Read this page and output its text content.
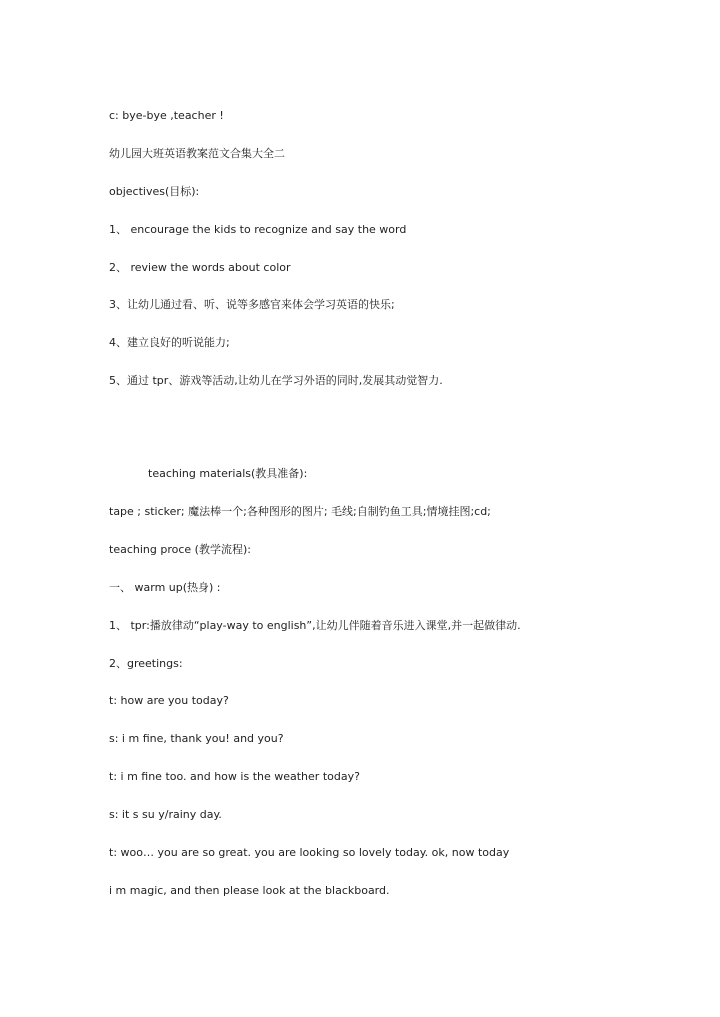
c: bye-bye ,teacher !
幼儿园大班英语教案范文合集大全二
objectives(目标):
1、 encourage the kids to recognize and say the word
2、 review the words about color
3、让幼儿通过看、听、说等多感官来体会学习英语的快乐;
4、建立良好的听说能力;
5、通过 tpr、游戏等活动,让幼儿在学习外语的同时,发展其动觉智力.
teaching materials(教具准备):
tape ; sticker; 魔法棒一个;各种图形的图片; 毛线;自制钓鱼工具;情境挂图;cd;
teaching proce (教学流程):
一、 warm up(热身) :
1、 tpr:播放律动“play-way to english”,让幼儿伴随着音乐进入课堂,并一起做律动.
2、greetings:
t: how are you today?
s: i m fine, thank you! and you?
t: i m fine too. and how is the weather today?
s: it s su y/rainy day.
t: woo… you are so great. you are looking so lovely today. ok, now today
i m magic, and then please look at the blackboard.
